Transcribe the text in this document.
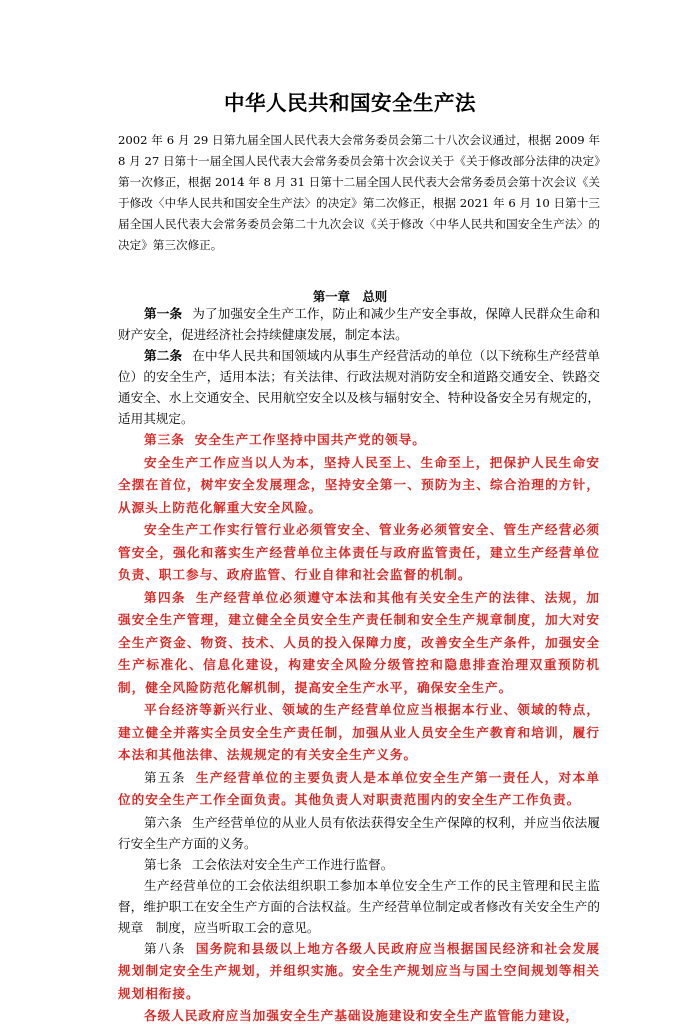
中华人民共和国安全生产法
2002 年 6 月 29 日第九届全国人民代表大会常务委员会第二十八次会议通过，根据 2009 年 8 月 27 日第十一届全国人民代表大会常务委员会第十次会议关于《关于修改部分法律的决定》第一次修正，根据 2014 年 8 月 31 日第十二届全国人民代表大会常务委员会第十次会议《关于修改〈中华人民共和国安全生产法〉的决定》第二次修正，根据 2021 年 6 月 10 日第十三届全国人民代表大会常务委员会第二十九次会议《关于修改〈中华人民共和国安全生产法〉的决定》第三次修正。
第一章　总则

第一条 为了加强安全生产工作，防止和减少生产安全事故，保障人民群众生命和财产安全，促进经济社会持续健康发展，制定本法。

第二条 在中华人民共和国领域内从事生产经营活动的单位（以下统称生产经营单位）的安全生产，适用本法；有关法律、行政法规对消防安全和道路交通安全、铁路交通安全、水上交通安全、民用航空安全以及核与辐射安全、特种设备安全另有规定的，适用其规定。

第三条 安全生产工作坚持中国共产党的领导。

安全生产工作应当以人为本，坚持人民至上、生命至上，把保护人民生命安全摆在首位，树牢安全发展理念，坚持安全第一、预防为主、综合治理的方针，从源头上防范化解重大安全风险。

安全生产工作实行管行业必须管安全、管业务必须管安全、管生产经营必须管安全，强化和落实生产经营单位主体责任与政府监管责任，建立生产经营单位负责、职工参与、政府监管、行业自律和社会监督的机制。

第四条 生产经营单位必须遵守本法和其他有关安全生产的法律、法规，加强安全生产管理，建立健全全员安全生产责任制和安全生产规章制度，加大对安全生产资金、物资、技术、人员的投入保障力度，改善安全生产条件，加强安全生产标准化、信息化建设，构建安全风险分级管控和隐患排查治理双重预防机制，健全风险防范化解机制，提高安全生产水平，确保安全生产。

平台经济等新兴行业、领域的生产经营单位应当根据本行业、领域的特点，建立健全并落实全员安全生产责任制，加强从业人员安全生产教育和培训，履行本法和其他法律、法规规定的有关安全生产义务。

第五条 生产经营单位的主要负责人是本单位安全生产第一责任人，对本单位的安全生产工作全面负责。其他负责人对职责范围内的安全生产工作负责。

第六条 生产经营单位的从业人员有依法获得安全生产保障的权利，并应当依法履行安全生产方面的义务。

第七条 工会依法对安全生产工作进行监督。

生产经营单位的工会依法组织职工参加本单位安全生产工作的民主管理和民主监督，维护职工在安全生产方面的合法权益。生产经营单位制定或者修改有关安全生产的规章　制度，应当听取工会的意见。

第八条 国务院和县级以上地方各级人民政府应当根据国民经济和社会发展规划制定安全生产规划，并组织实施。安全生产规划应当与国土空间规划等相关规划相衔接。

各级人民政府应当加强安全生产基础设施建设和安全生产监管能力建设，
